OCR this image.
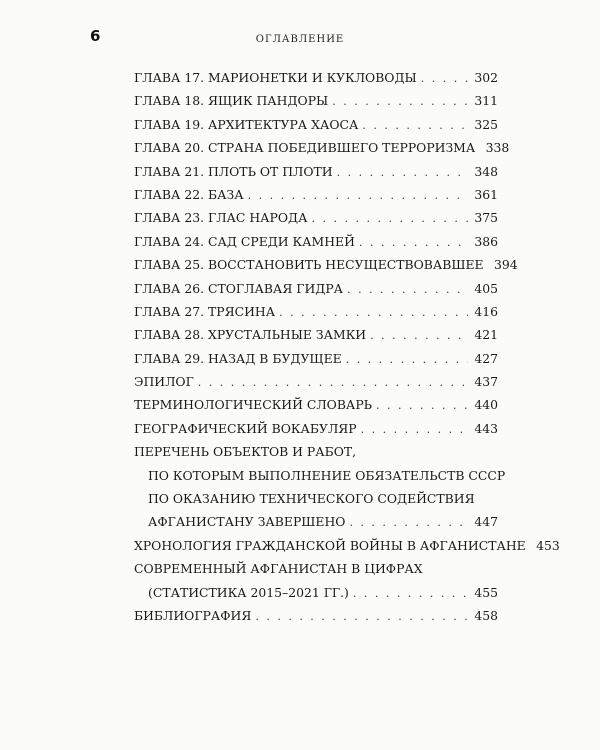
6	ОГЛАВЛЕНИЕ
ГЛАВА 17. МАРИОНЕТКИ И КУКЛОВОДЫ . . .	302
ГЛАВА 18. ЯЩИК ПАНДОРЫ . . .	311
ГЛАВА 19. АРХИТЕКТУРА ХАОСА . . .	325
ГЛАВА 20. СТРАНА ПОБЕДИВШЕГО ТЕРРОРИЗМА 338
ГЛАВА 21. ПЛОТЬ ОТ ПЛОТИ . . .	348
ГЛАВА 22. БАЗА . . .	361
ГЛАВА 23. ГЛАС НАРОДА . . .	375
ГЛАВА 24. САД СРЕДИ КАМНЕЙ . . .	386
ГЛАВА 25. ВОССТАНОВИТЬ НЕСУЩЕСТВОВАВШЕЕ 394
ГЛАВА 26. СТОГЛАВАЯ ГИДРА . . .	405
ГЛАВА 27. ТРЯСИНА . . .	416
ГЛАВА 28. ХРУСТАЛЬНЫЕ ЗАМКИ . . .	421
ГЛАВА 29. НАЗАД В БУДУЩЕЕ . . .	427
ЭПИЛОГ . . .	437
ТЕРМИНОЛОГИЧЕСКИЙ СЛОВАРЬ . . .	440
ГЕОГРАФИЧЕСКИЙ ВОКАБУЛЯР . . .	443
ПЕРЕЧЕНЬ ОБЪЕКТОВ И РАБОТ,
ПО КОТОРЫМ ВЫПОЛНЕНИЕ ОБЯЗАТЕЛЬСТВ СССР
ПО ОКАЗАНИЮ ТЕХНИЧЕСКОГО СОДЕЙСТВИЯ
АФГАНИСТАНУ ЗАВЕРШЕНО . . .	447
ХРОНОЛОГИЯ ГРАЖДАНСКОЙ ВОЙНЫ В АФГАНИСТАНЕ 453
СОВРЕМЕННЫЙ АФГАНИСТАН В ЦИФРАХ
(СТАТИСТИКА 2015–2021 ГГ.) . . .	455
БИБЛИОГРАФИЯ . . .	458
